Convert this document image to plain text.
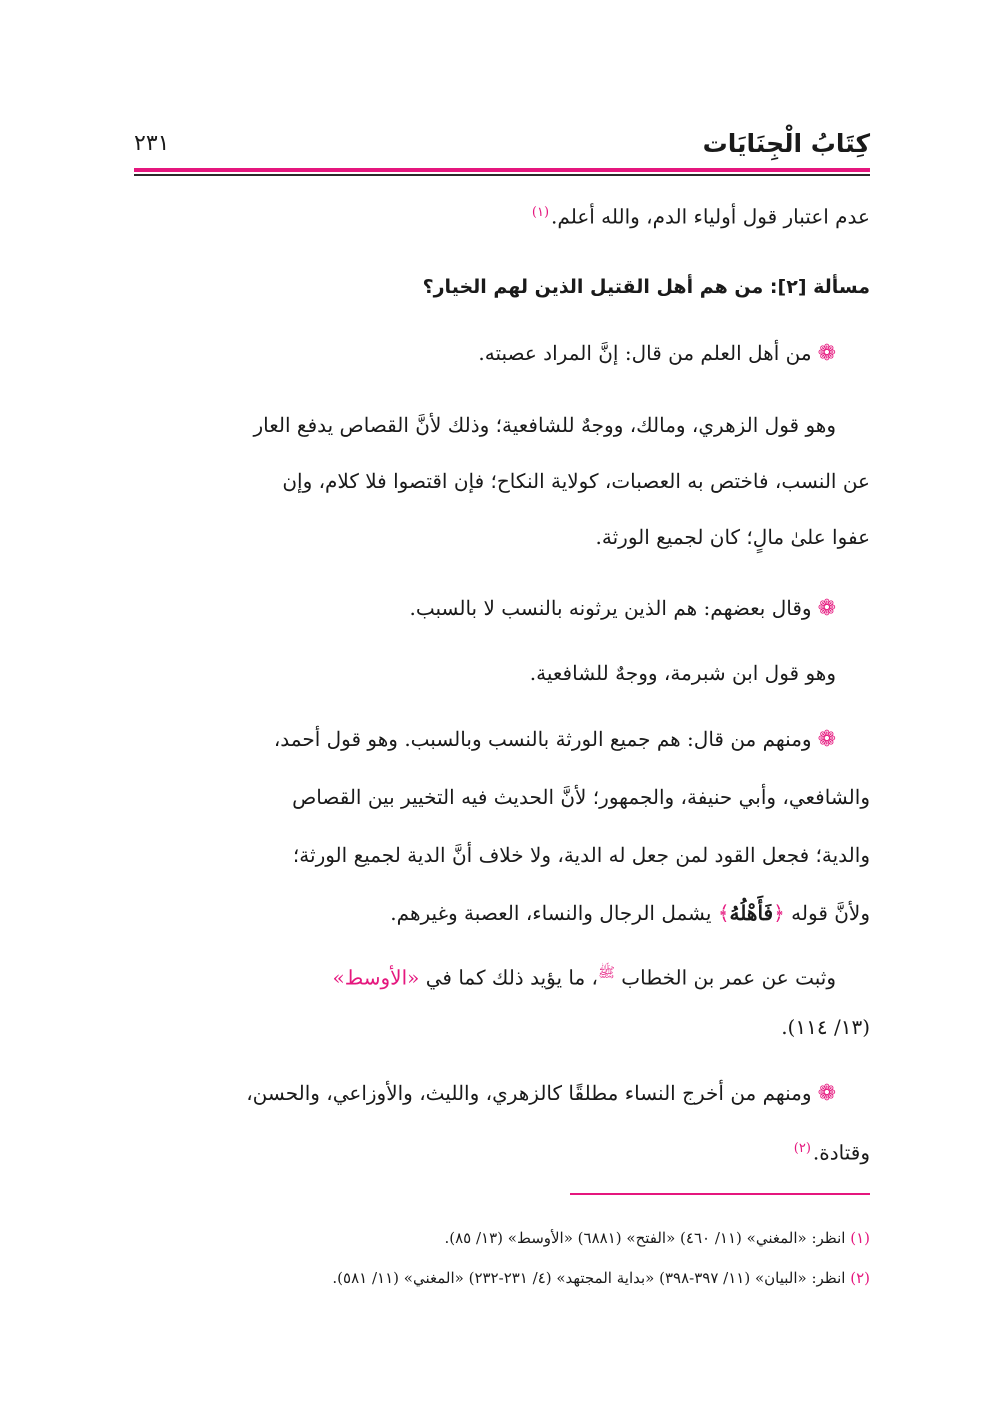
كِتَابُ الْجِنَايَات
٢٣١
عدم اعتبار قول أولياء الدم، والله أعلم.$^{(١)}$
مسألة [٢]: من هم أهل القتيل الذين لهم الخيار؟
❁من أهل العلم من قال: إنَّ المراد عصبته.
وهو قول الزهري، ومالك، ووجهٌ للشافعية؛ وذلك لأنَّ القصاص يدفع العار
عن النسب، فاختص به العصبات، كولاية النكاح؛ فإن اقتصوا فلا كلام، وإن
عفوا علىٰ مالٍ؛ كان لجميع الورثة.
❁وقال بعضهم: هم الذين يرثونه بالنسب لا بالسبب.
وهو قول ابن شبرمة، ووجهٌ للشافعية.
❁ومنهم من قال: هم جميع الورثة بالنسب وبالسبب. وهو قول أحمد،
والشافعي، وأبي حنيفة، والجمهور؛ لأنَّ الحديث فيه التخيير بين القصاص
والدية؛ فجعل القود لمن جعل له الدية، ولا خلاف أنَّ الدية لجميع الورثة؛
ولأنَّ قوله ﴿فَأَهْلُهُ﴾ يشمل الرجال والنساء، العصبة وغيرهم.
وثبت عن عمر بن الخطاب $^ﷺ$، ما يؤيد ذلك كما في «الأوسط»
(١٣/ ١١٤).
❁ومنهم من أخرج النساء مطلقًا كالزهري، والليث، والأوزاعي، والحسن،
وقتادة.$^{(٢)}$
(١) انظر: «المغني» (١١/ ٤٦٠) «الفتح» (٦٨٨١) «الأوسط» (١٣/ ٨٥).
(٢) انظر: «البيان» (١١/ ٣٩٧-٣٩٨) «بداية المجتهد» (٤/ ٢٣١-٢٣٢) «المغني» (١١/ ٥٨١).
